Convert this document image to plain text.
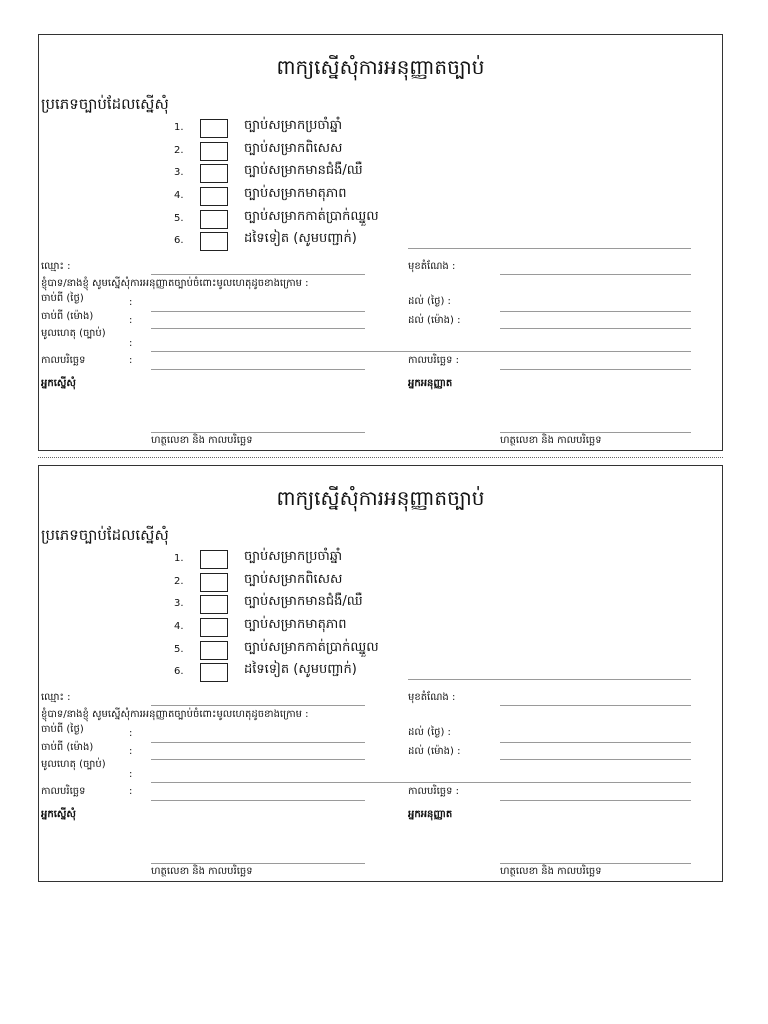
ពាក្យស្នើសុំការអនុញ្ញាតច្បាប់
ប្រភេទច្បាប់ដែលស្នើសុំ
1.	ច្បាប់សម្រាកប្រចាំឆ្នាំ
2.	ច្បាប់សម្រាកពិសេស
3.	ច្បាប់សម្រាកមានជំងឺ/ឈឺ
4.	ច្បាប់សម្រាកមាតុភាព
5.	ច្បាប់សម្រាកកាត់ប្រាក់ឈ្នួល
6.	ដទៃទៀត (សូមបញ្ជាក់)
ឈ្មោះ :	មុខតំណែង :
ខ្ញុំបាទ/នាងខ្ញុំ សូមស្នើសុំការអនុញ្ញាតច្បាប់ចំពោះមូលហេតុដូចខាងក្រោម :
ចាប់ពី (ថ្ងៃ)	:	ដល់ (ថ្ងៃ) :
ចាប់ពី (ម៉ោង)	:	ដល់ (ម៉ោង) :
មូលហេតុ (ច្បាប់)
:
កាលបរិច្ឆេទ	:	កាលបរិច្ឆេទ :
អ្នកស្នើសុំ	អ្នកអនុញ្ញាត
ហត្ថលេខា និង កាលបរិច្ឆេទ	ហត្ថលេខា និង កាលបរិច្ឆេទ
ពាក្យស្នើសុំការអនុញ្ញាតច្បាប់
ប្រភេទច្បាប់ដែលស្នើសុំ
1.	ច្បាប់សម្រាកប្រចាំឆ្នាំ
2.	ច្បាប់សម្រាកពិសេស
3.	ច្បាប់សម្រាកមានជំងឺ/ឈឺ
4.	ច្បាប់សម្រាកមាតុភាព
5.	ច្បាប់សម្រាកកាត់ប្រាក់ឈ្នួល
6.	ដទៃទៀត (សូមបញ្ជាក់)
ឈ្មោះ :	មុខតំណែង :
ខ្ញុំបាទ/នាងខ្ញុំ សូមស្នើសុំការអនុញ្ញាតច្បាប់ចំពោះមូលហេតុដូចខាងក្រោម :
ចាប់ពី (ថ្ងៃ)	:	ដល់ (ថ្ងៃ) :
ចាប់ពី (ម៉ោង)	:	ដល់ (ម៉ោង) :
មូលហេតុ (ច្បាប់)
:
កាលបរិច្ឆេទ	:	កាលបរិច្ឆេទ :
អ្នកស្នើសុំ	អ្នកអនុញ្ញាត
ហត្ថលេខា និង កាលបរិច្ឆេទ	ហត្ថលេខា និង កាលបរិច្ឆេទ
